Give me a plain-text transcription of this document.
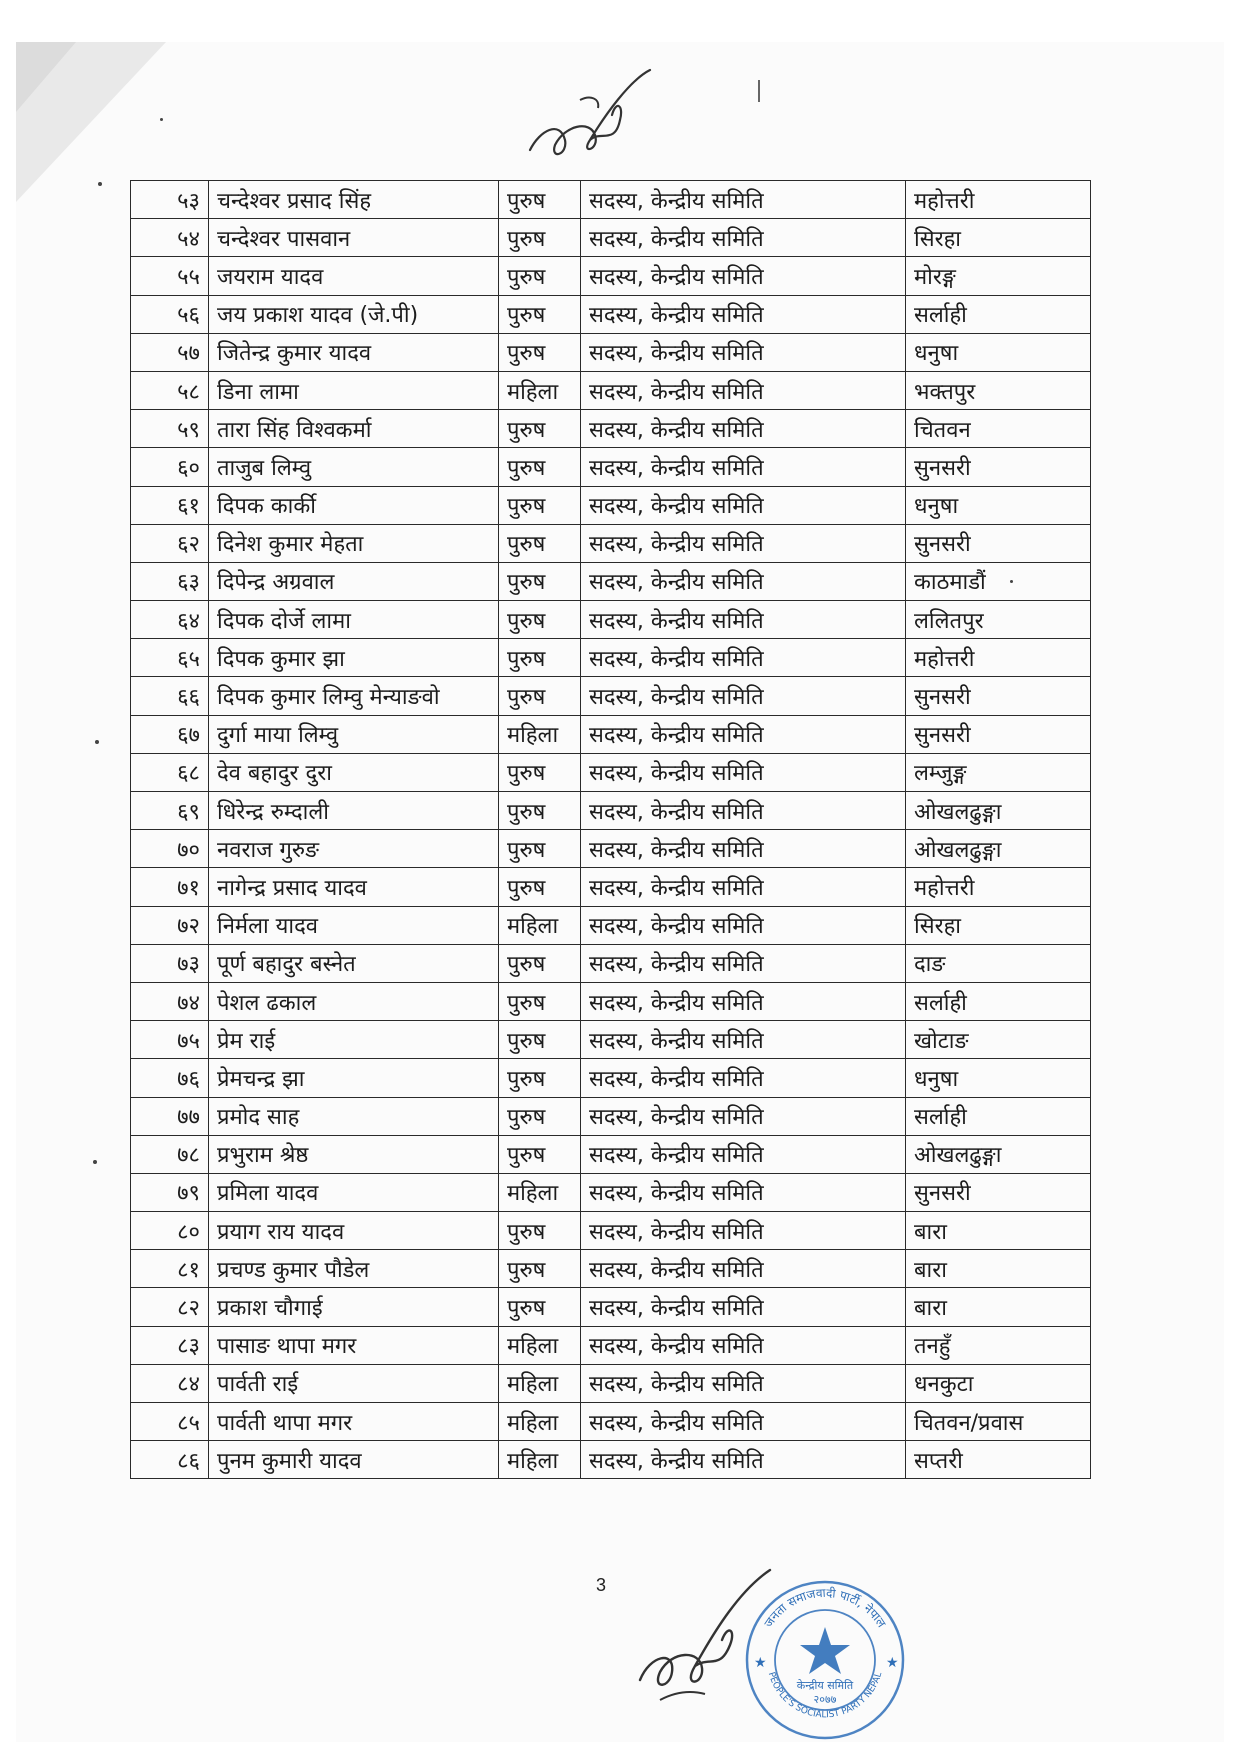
५३	चन्देश्वर प्रसाद सिंह	पुरुष	सदस्य, केन्द्रीय समिति	महोत्तरी
५४	चन्देश्वर पासवान	पुरुष	सदस्य, केन्द्रीय समिति	सिरहा
५५	जयराम यादव	पुरुष	सदस्य, केन्द्रीय समिति	मोरङ्ग
५६	जय प्रकाश यादव (जे.पी)	पुरुष	सदस्य, केन्द्रीय समिति	सर्लाही
५७	जितेन्द्र कुमार यादव	पुरुष	सदस्य, केन्द्रीय समिति	धनुषा
५८	डिना लामा	महिला	सदस्य, केन्द्रीय समिति	भक्तपुर
५९	तारा सिंह विश्वकर्मा	पुरुष	सदस्य, केन्द्रीय समिति	चितवन
६०	ताजुब लिम्वु	पुरुष	सदस्य, केन्द्रीय समिति	सुनसरी
६१	दिपक कार्की	पुरुष	सदस्य, केन्द्रीय समिति	धनुषा
६२	दिनेश कुमार मेहता	पुरुष	सदस्य, केन्द्रीय समिति	सुनसरी
६३	दिपेन्द्र अग्रवाल	पुरुष	सदस्य, केन्द्रीय समिति	काठमाडौं
६४	दिपक दोर्जे लामा	पुरुष	सदस्य, केन्द्रीय समिति	ललितपुर
६५	दिपक कुमार झा	पुरुष	सदस्य, केन्द्रीय समिति	महोत्तरी
६६	दिपक कुमार लिम्वु मेन्याङवो	पुरुष	सदस्य, केन्द्रीय समिति	सुनसरी
६७	दुर्गा माया लिम्वु	महिला	सदस्य, केन्द्रीय समिति	सुनसरी
६८	देव बहादुर दुरा	पुरुष	सदस्य, केन्द्रीय समिति	लम्जुङ्ग
६९	धिरेन्द्र रुम्दाली	पुरुष	सदस्य, केन्द्रीय समिति	ओखलढुङ्गा
७०	नवराज गुरुङ	पुरुष	सदस्य, केन्द्रीय समिति	ओखलढुङ्गा
७१	नागेन्द्र प्रसाद यादव	पुरुष	सदस्य, केन्द्रीय समिति	महोत्तरी
७२	निर्मला यादव	महिला	सदस्य, केन्द्रीय समिति	सिरहा
७३	पूर्ण बहादुर बस्नेत	पुरुष	सदस्य, केन्द्रीय समिति	दाङ
७४	पेशल ढकाल	पुरुष	सदस्य, केन्द्रीय समिति	सर्लाही
७५	प्रेम राई	पुरुष	सदस्य, केन्द्रीय समिति	खोटाङ
७६	प्रेमचन्द्र झा	पुरुष	सदस्य, केन्द्रीय समिति	धनुषा
७७	प्रमोद साह	पुरुष	सदस्य, केन्द्रीय समिति	सर्लाही
७८	प्रभुराम श्रेष्ठ	पुरुष	सदस्य, केन्द्रीय समिति	ओखलढुङ्गा
७९	प्रमिला यादव	महिला	सदस्य, केन्द्रीय समिति	सुनसरी
८०	प्रयाग राय यादव	पुरुष	सदस्य, केन्द्रीय समिति	बारा
८१	प्रचण्ड कुमार पौडेल	पुरुष	सदस्य, केन्द्रीय समिति	बारा
८२	प्रकाश चौगाई	पुरुष	सदस्य, केन्द्रीय समिति	बारा
८३	पासाङ थापा मगर	महिला	सदस्य, केन्द्रीय समिति	तनहुँ
८४	पार्वती राई	महिला	सदस्य, केन्द्रीय समिति	धनकुटा
८५	पार्वती थापा मगर	महिला	सदस्य, केन्द्रीय समिति	चितवन/प्रवास
८६	पुनम कुमारी यादव	महिला	सदस्य, केन्द्रीय समिति	सप्तरी
3
जनता समाजवादी पार्टी, नेपाल
PEOPLE'S SOCIALIST PARTY NEPAL
केन्द्रीय समिति
२०७७
★	★
